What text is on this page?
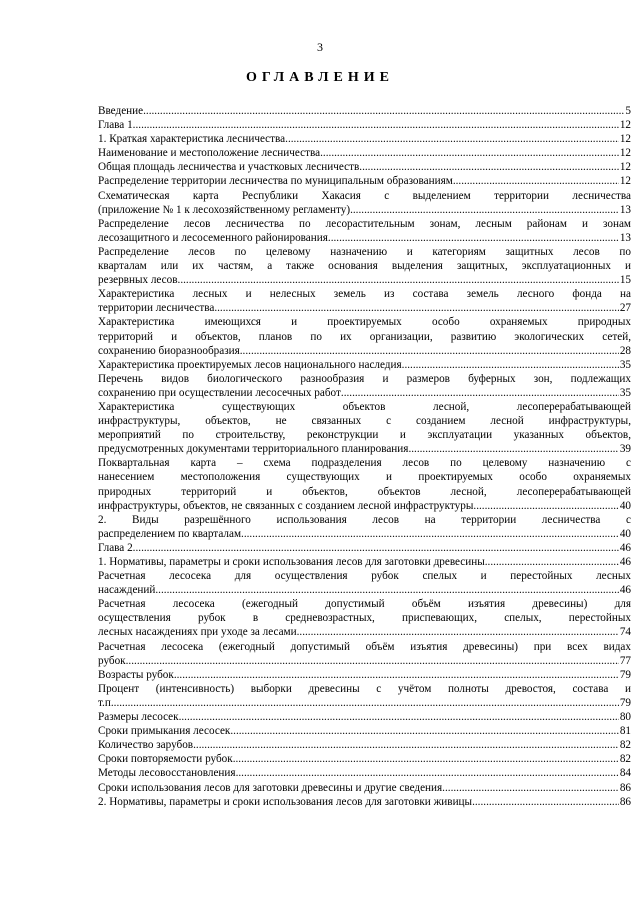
3
ОГЛАВЛЕНИЕ
Введение .....	5
Глава 1 .....	12
1. Краткая характеристика лесничества .....	12
Наименование и местоположение лесничества .....	12
Общая площадь лесничества и участковых лесничеств .....	12
Распределение территории лесничества по муниципальным образованиям .....	12
Схематическая карта Республики Хакасия с выделением территории лесничества
(приложение № 1 к лесохозяйственному регламенту) .....	13
Распределение лесов лесничества по лесорастительным зонам, лесным районам и зонам
лесозащитного и лесосеменного районирования .....	13
Распределение лесов по целевому назначению и категориям защитных лесов по
кварталам или их частям, а также основания выделения защитных, эксплуатационных и
резервных лесов .....	15
Характеристика лесных и нелесных земель из состава земель лесного фонда на
территории лесничества .....	27
Характеристика имеющихся и проектируемых особо охраняемых природных
территорий и объектов, планов по их организации, развитию экологических сетей,
сохранению биоразнообразия .....	28
Характеристика проектируемых лесов национального наследия .....	35
Перечень видов биологического разнообразия и размеров буферных зон, подлежащих
сохранению при осуществлении лесосечных работ .....	35
Характеристика существующих объектов лесной, лесоперерабатывающей
инфраструктуры, объектов, не связанных с созданием лесной инфраструктуры,
мероприятий по строительству, реконструкции и эксплуатации указанных объектов,
предусмотренных документами территориального планирования .....	39
Поквартальная карта – схема подразделения лесов по целевому назначению с
нанесением местоположения существующих и проектируемых особо охраняемых
природных территорий и объектов, объектов лесной, лесоперерабатывающей
инфраструктуры, объектов, не связанных с созданием лесной инфраструктуры .....	40
2. Виды разрешённого использования лесов на территории лесничества с
распределением по кварталам .....	40
Глава 2 .....	46
1. Нормативы, параметры и сроки использования лесов для заготовки древесины .....	46
Расчетная лесосека для осуществления рубок спелых и перестойных лесных
насаждений .....	46
Расчетная лесосека (ежегодный допустимый объём изъятия древесины) для
осуществления рубок в средневозрастных, приспевающих, спелых, перестойных
лесных насаждениях при уходе за лесами .....	74
Расчетная лесосека (ежегодный допустимый объём изъятия древесины) при всех видах
рубок .....	77
Возрасты рубок .....	79
Процент (интенсивность) выборки древесины с учётом полноты древостоя, состава и
т.п. .....	79
Размеры лесосек .....	80
Сроки примыкания лесосек .....	81
Количество зарубов .....	82
Сроки повторяемости рубок .....	82
Методы лесовосстановления .....	84
Сроки использования лесов для заготовки древесины и другие сведения .....	86
2. Нормативы, параметры и сроки использования лесов для заготовки живицы .....	86
